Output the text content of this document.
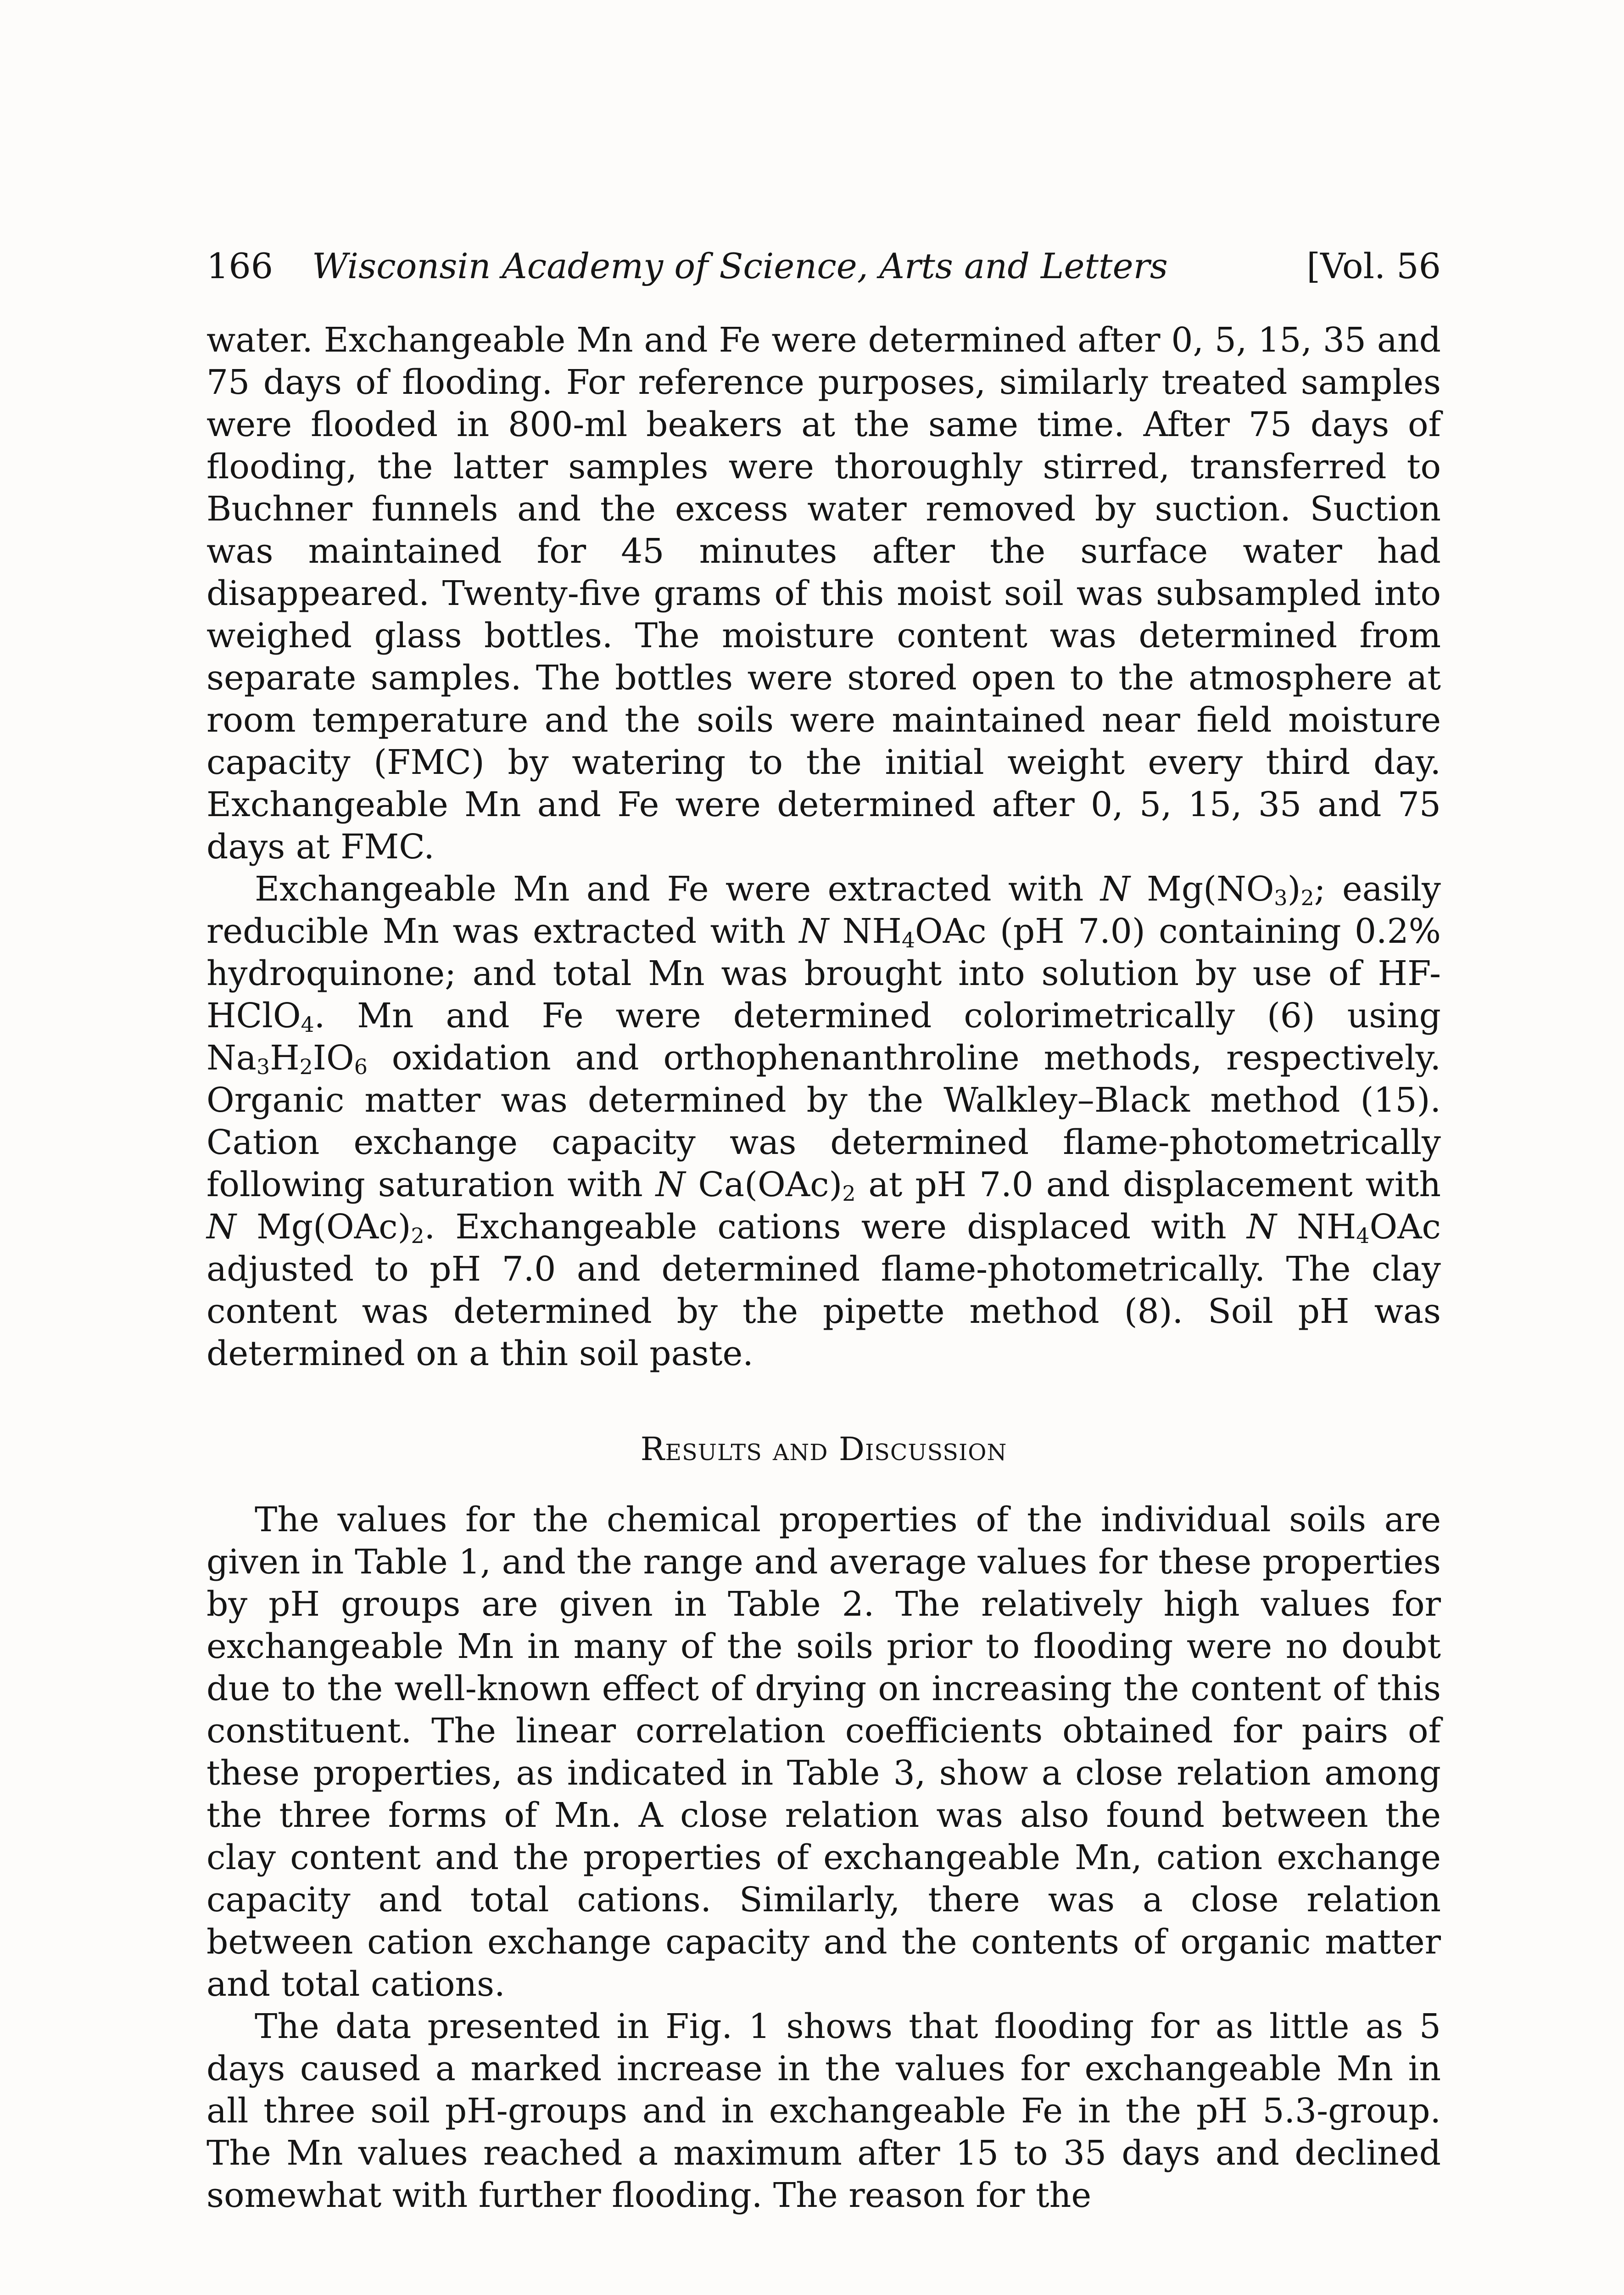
166	Wisconsin Academy of Science, Arts and Letters	[Vol. 56

water. Exchangeable Mn and Fe were determined after 0, 5, 15, 35 and 75 days of flooding. For reference purposes, similarly treated samples were flooded in 800-ml beakers at the same time. After 75 days of flooding, the latter samples were thoroughly stirred, transferred to Buchner funnels and the excess water removed by suction. Suction was maintained for 45 minutes after the surface water had disappeared. Twenty-five grams of this moist soil was subsampled into weighed glass bottles. The moisture content was determined from separate samples. The bottles were stored open to the atmosphere at room temperature and the soils were maintained near field moisture capacity (FMC) by watering to the initial weight every third day. Exchangeable Mn and Fe were determined after 0, 5, 15, 35 and 75 days at FMC.

Exchangeable Mn and Fe were extracted with N $Mg(NO_3)_2$; easily reducible Mn was extracted with N $NH_4OAc$ (pH 7.0) containing 0.2% hydroquinone; and total Mn was brought into solution by use of HF-HClO$_4$. Mn and Fe were determined colorimetrically (6) using $Na_3H_2IO_6$ oxidation and orthophenanthroline methods, respectively. Organic matter was determined by the Walkley–Black method (15). Cation exchange capacity was determined flame-photometrically following saturation with N $Ca(OAc)_2$ at pH 7.0 and displacement with N $Mg(OAc)_2$. Exchangeable cations were displaced with N $NH_4OAc$ adjusted to pH 7.0 and determined flame-photometrically. The clay content was determined by the pipette method (8). Soil pH was determined on a thin soil paste.

Results and Discussion

The values for the chemical properties of the individual soils are given in Table 1, and the range and average values for these properties by pH groups are given in Table 2. The relatively high values for exchangeable Mn in many of the soils prior to flooding were no doubt due to the well-known effect of drying on increasing the content of this constituent. The linear correlation coefficients obtained for pairs of these properties, as indicated in Table 3, show a close relation among the three forms of Mn. A close relation was also found between the clay content and the properties of exchangeable Mn, cation exchange capacity and total cations. Similarly, there was a close relation between cation exchange capacity and the contents of organic matter and total cations.

The data presented in Fig. 1 shows that flooding for as little as 5 days caused a marked increase in the values for exchangeable Mn in all three soil pH-groups and in exchangeable Fe in the pH 5.3-group. The Mn values reached a maximum after 15 to 35 days and declined somewhat with further flooding. The reason for the
